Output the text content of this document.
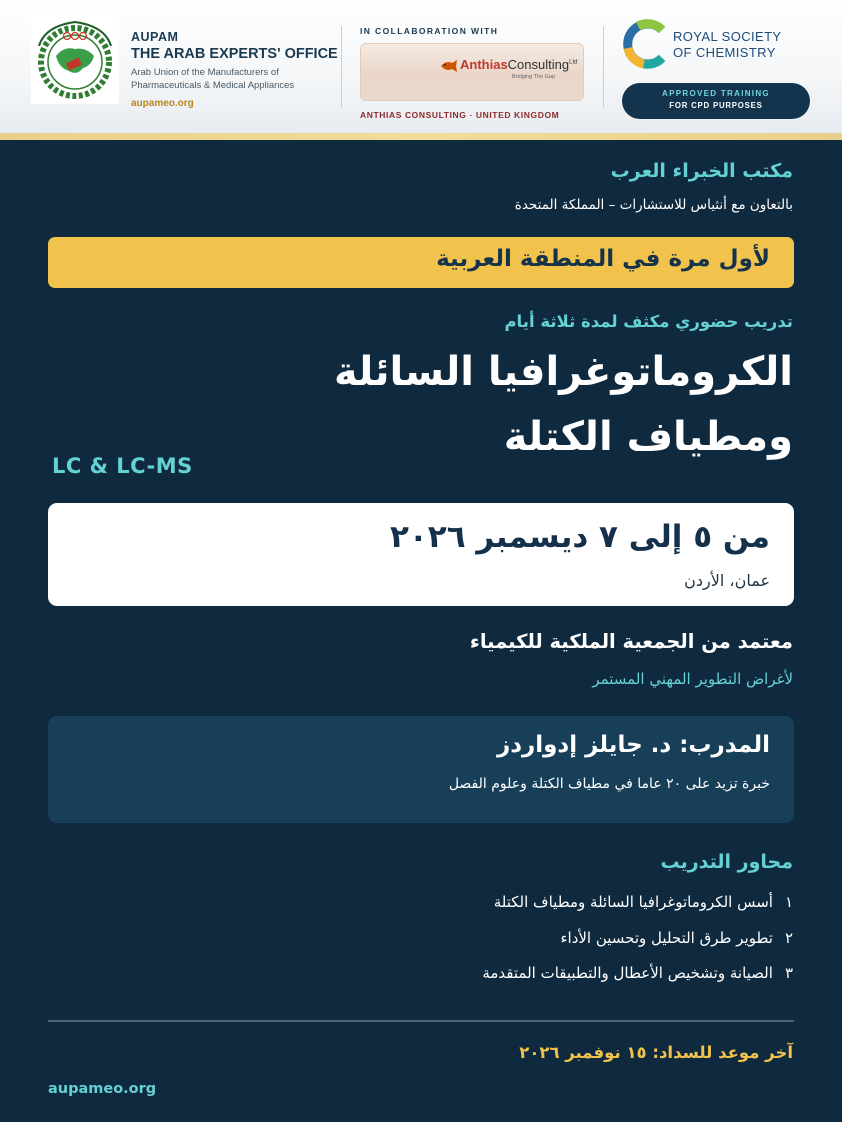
AUPAM
THE ARAB EXPERTS' OFFICE
Arab Union of the Manufacturers of
Pharmaceuticals & Medical Appliances
aupameo.org
IN COLLABORATION WITH
AnthiasConsulting$^{Ltd}$
Bridging The Gap
ANTHIAS CONSULTING · UNITED KINGDOM
ROYAL SOCIETY
OF CHEMISTRY
APPROVED TRAINING
FOR CPD PURPOSES
مكتب الخبراء العرب
بالتعاون مع أنثياس للاستشارات – المملكة المتحدة
لأول مرة في المنطقة العربية
تدريب حضوري مكثف لمدة ثلاثة أيام
الكروماتوغرافيا السائلة
ومطياف الكتلة
LC & LC-MS
من ٥ إلى ٧ ديسمبر ٢٠٢٦
عمان، الأردن
معتمد من الجمعية الملكية للكيمياء
لأغراض التطوير المهني المستمر
المدرب: د. جايلز إدواردز
خبرة تزيد على ٢٠ عاما في مطياف الكتلة وعلوم الفصل
محاور التدريب
١أسس الكروماتوغرافيا السائلة ومطياف الكتلة
٢تطوير طرق التحليل وتحسين الأداء
٣الصيانة وتشخيص الأعطال والتطبيقات المتقدمة
آخر موعد للسداد: ١٥ نوفمبر ٢٠٢٦
aupameo.org
